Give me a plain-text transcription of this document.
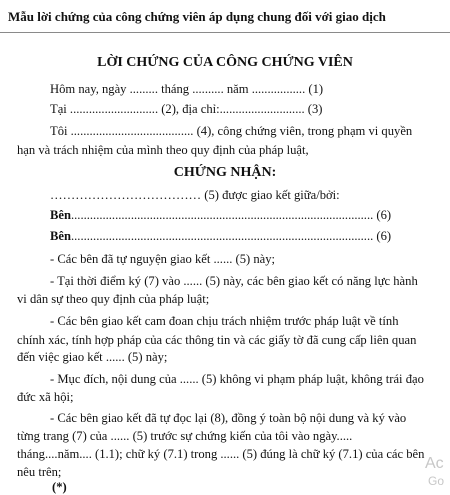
Mẫu lời chứng của công chứng viên áp dụng chung đối với giao dịch
LỜI CHỨNG CỦA CÔNG CHỨNG VIÊN
Hôm nay, ngày ......... tháng .......... năm ................. (1)
Tại ............................ (2), địa chỉ:........................... (3)
Tôi ....................................... (4), công chứng viên, trong phạm vi quyền
hạn và trách nhiệm của mình theo quy định của pháp luật,
CHỨNG NHẬN:
……………………………… (5) được giao kết giữa/bởi:
Bên................................................................................................ (6)
Bên................................................................................................ (6)
- Các bên đã tự nguyện giao kết ...... (5) này;
- Tại thời điểm ký (7) vào ...... (5) này, các bên giao kết có năng lực hành
vi dân sự theo quy định của pháp luật;
- Các bên giao kết cam đoan chịu trách nhiệm trước pháp luật về tính
chính xác, tính hợp pháp của các thông tin và các giấy tờ đã cung cấp liên quan
đến việc giao kết ...... (5) này;
- Mục đích, nội dung của ...... (5) không vi phạm pháp luật, không trái đạo
đức xã hội;
- Các bên giao kết đã tự đọc lại (8), đồng ý toàn bộ nội dung và ký vào
từng trang (7) của ...... (5) trước sự chứng kiến của tôi vào ngày.....
tháng....năm.... (1.1); chữ ký (7.1) trong ...... (5) đúng là chữ ký (7.1) của các bên
nêu trên;
(*)
Ac
Go
